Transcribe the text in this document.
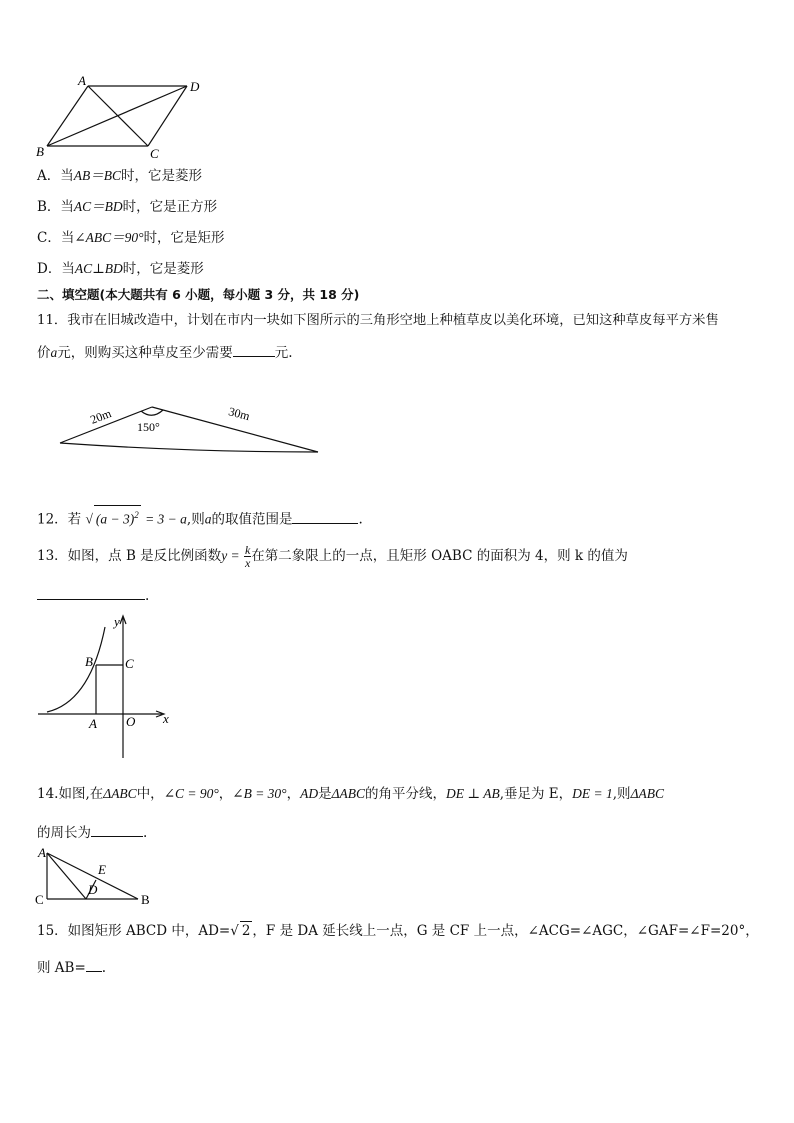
A	D
B	C
A．当AB＝BC时，它是菱形
B．当AC＝BD时，它是正方形
C．当∠ABC＝90°时，它是矩形
D．当AC⊥BD时，它是菱形
二、填空题(本大题共有 6 小题，每小题 3 分，共 18 分)
11．我市在旧城改造中，计划在市内一块如下图所示的三角形空地上种植草皮以美化环境，已知这种草皮每平方米售
价a元，则购买这种草皮至少需要	元.
20m
150°
30m
12．若 √ $(a - 3)^2 = 3 - a$,则a的取值范围是	.
13．如图，点 B 是反比例函数$y = \frac{k}{x}$ 在第二象限上的一点，且矩形 OABC 的面积为 4，则 k 的值为
.
y
x
B C
A O
14.如图,在ΔABC中，∠C = 90°，∠B = 30°，AD是ΔABC的角平分线，DE ⊥ AB,垂足为 E，DE = 1,则ΔABC
的周长为	.
A
E
D
C	B
15．如图矩形 ABCD 中，AD=√ 2 ，F 是 DA 延长线上一点，G 是 CF 上一点，∠ACG=∠AGC，∠GAF=∠F=20°，
则 AB= .
